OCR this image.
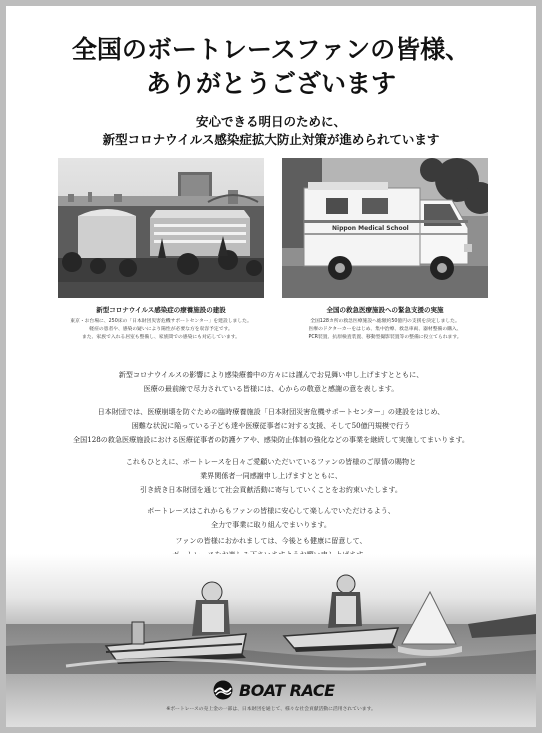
全国のボートレースファンの皆様、
ありがとうございます
安心できる明日のために、
新型コロナウイルス感染症拡大防止対策が進められています
Nippon Medical School
新型コロナウイルス感染症の療養施設の建設	全国の救急医療施設への緊急支援の実施
東京・お台場に、250床の「日本財団災害危機サポートセンター」を建設しました。
軽症の患者や、感染の疑いにより陽性が必要な方を収容予定です。
また、家族で入れる居室も整備し、家族間での感染にも対応しています。
全国128カ所の救急医療施設へ総額約50億円の支援を決定しました。
医療のドクターカーをはじめ、集中治療、救急車両、器材整備の購入、
PCR装置、抗原検査装置、移動型撮影装置等の整備に役立てられます。
新型コロナウイルスの影響により感染療養中の方々には謹んでお見舞い申し上げますとともに、
医療の最前線で尽力されている皆様には、心からの敬意と感謝の意を表します。
日本財団では、医療崩壊を防ぐための臨時療養施設「日本財団災害危機サポートセンター」の建設をはじめ、
困難な状況に陥っている子ども達や医療従事者に対する支援、そして50億円規模で行う
全国128の救急医療施設における医療従事者の防護ケアや、感染防止体制の強化などの事業を継続して実施してまいります。
これもひとえに、ボートレースを日々ご愛顧いただいているファンの皆様のご厚情の賜物と
業界関係者一同感謝申し上げますとともに、
引き続き日本財団を通じて社会貢献活動に寄与していくことをお約束いたします。
ボートレースはこれからもファンの皆様に安心して楽しんでいただけるよう、
全力で事業に取り組んでまいります。
ファンの皆様におかれましては、今後とも健康に留意して、
BOAT RACE
※ボートレースの売上金の一部は、日本財団を通じて、様々な社会貢献活動に活用されています。
